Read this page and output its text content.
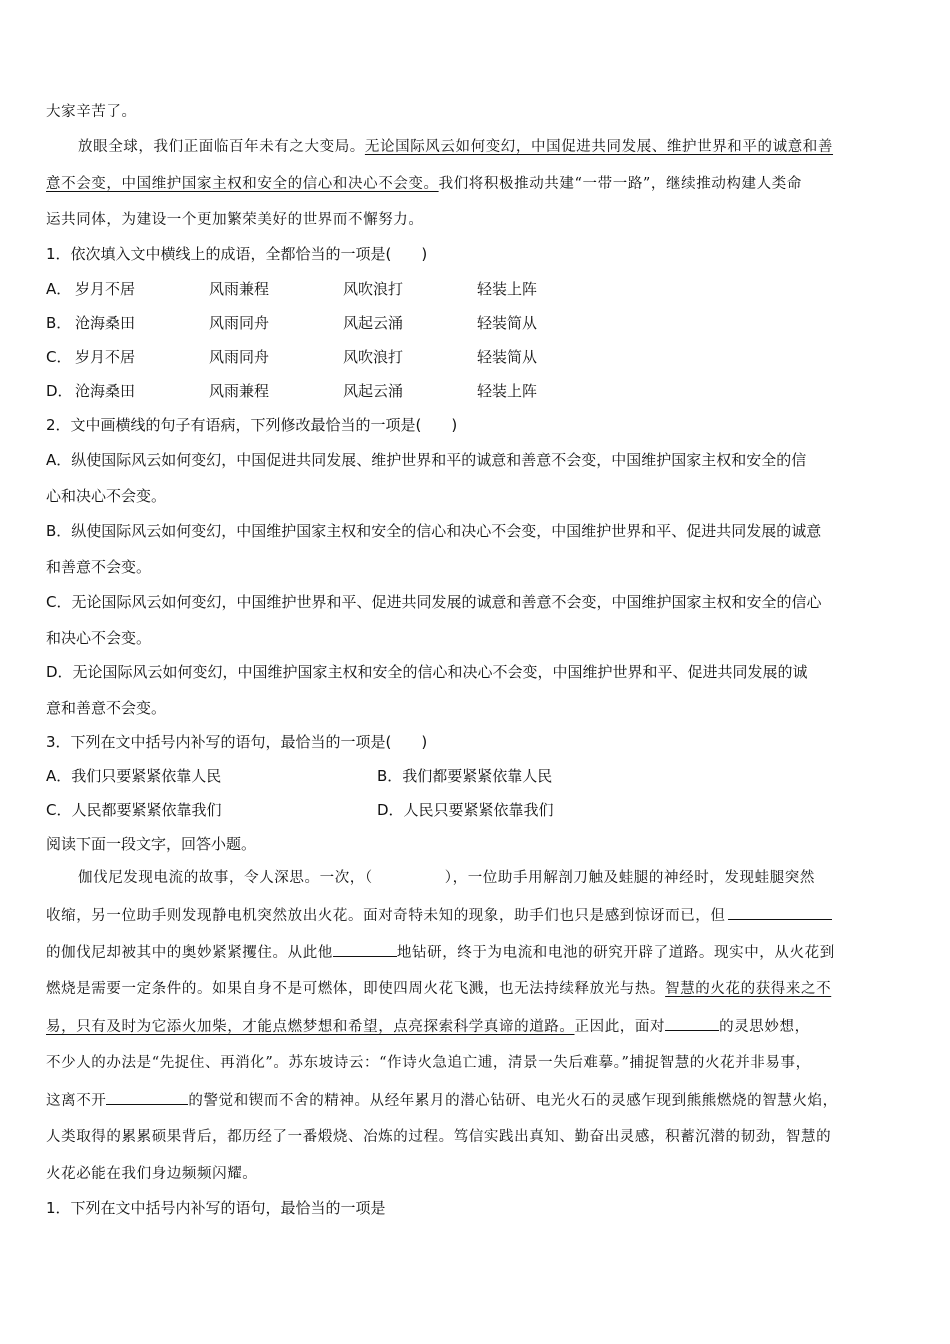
大家辛苦了。
放眼全球，我们正面临百年未有之大变局。无论国际风云如何变幻，中国促进共同发展、维护世界和平的诚意和善
意不会变，中国维护国家主权和安全的信心和决心不会变。我们将积极推动共建“一带一路”，继续推动构建人类命
运共同体，为建设一个更加繁荣美好的世界而不懈努力。
1．依次填入文中横线上的成语，全都恰当的一项是(　　)
A． 岁月不居	风雨兼程	风吹浪打	轻装上阵
B． 沧海桑田	风雨同舟	风起云涌	轻装简从
C． 岁月不居	风雨同舟	风吹浪打	轻装简从
D． 沧海桑田	风雨兼程	风起云涌	轻装上阵
2．文中画横线的句子有语病，下列修改最恰当的一项是(　　)
A．纵使国际风云如何变幻，中国促进共同发展、维护世界和平的诚意和善意不会变，中国维护国家主权和安全的信
心和决心不会变。
B．纵使国际风云如何变幻，中国维护国家主权和安全的信心和决心不会变，中国维护世界和平、促进共同发展的诚意
和善意不会变。
C．无论国际风云如何变幻，中国维护世界和平、促进共同发展的诚意和善意不会变，中国维护国家主权和安全的信心
和决心不会变。
D．无论国际风云如何变幻，中国维护国家主权和安全的信心和决心不会变，中国维护世界和平、促进共同发展的诚
意和善意不会变。
3．下列在文中括号内补写的语句，最恰当的一项是(　　)
A．我们只要紧紧依靠人民	B．我们都要紧紧依靠人民
C．人民都要紧紧依靠我们	D．人民只要紧紧依靠我们
阅读下面一段文字，回答小题。
伽伐尼发现电流的故事，令人深思。一次，（	），一位助手用解剖刀触及蛙腿的神经时，发现蛙腿突然
收缩，另一位助手则发现静电机突然放出火花。面对奇特未知的现象，助手们也只是感到惊讶而已，但
的伽伐尼却被其中的奥妙紧紧攫住。从此他	地钻研，终于为电流和电池的研究开辟了道路。现实中，从火花到
燃烧是需要一定条件的。如果自身不是可燃体，即使四周火花飞溅，也无法持续释放光与热。智慧的火花的获得来之不
易，只有及时为它添火加柴，才能点燃梦想和希望，点亮探索科学真谛的道路。正因此，面对	的灵思妙想，
不少人的办法是“先捉住、再消化”。苏东坡诗云：“作诗火急追亡逋，清景一失后难摹。”捕捉智慧的火花并非易事，
这离不开	的警觉和锲而不舍的精神。从经年累月的潜心钻研、电光火石的灵感乍现到熊熊燃烧的智慧火焰，
人类取得的累累硕果背后，都历经了一番煅烧、冶炼的过程。笃信实践出真知、勤奋出灵感，积蓄沉潜的韧劲，智慧的
火花必能在我们身边频频闪耀。
1．下列在文中括号内补写的语句，最恰当的一项是
